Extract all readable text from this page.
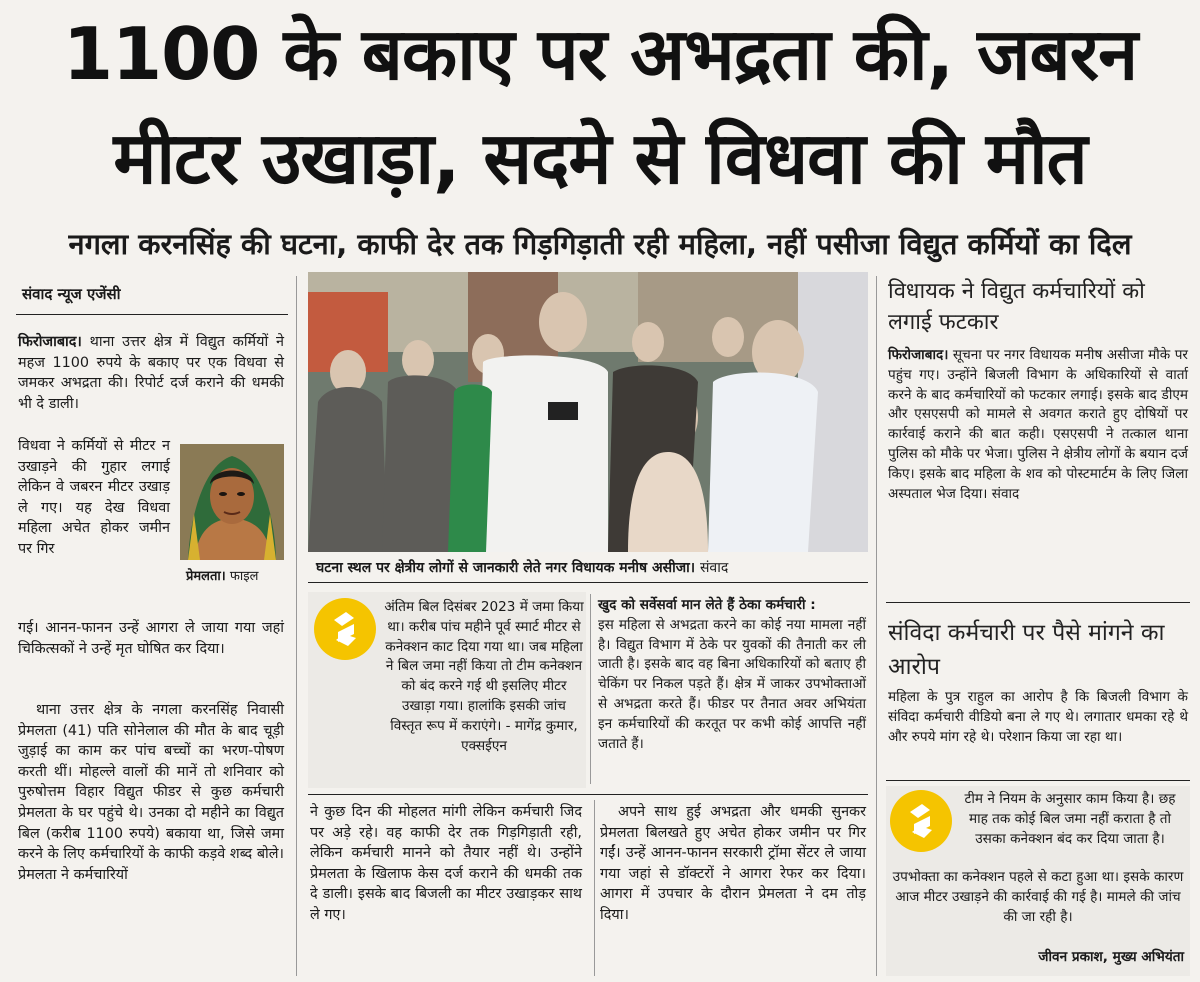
1100 के बकाए पर अभद्रता की, जबरन
मीटर उखाड़ा, सदमे से विधवा की मौत
नगला करनसिंह की घटना, काफी देर तक गिड़गिड़ाती रही महिला, नहीं पसीजा विद्युत कर्मियों का दिल
संवाद न्यूज एजेंसी

फिरोजाबाद। थाना उत्तर क्षेत्र में विद्युत कर्मियों ने महज 1100 रुपये के बकाए पर एक विधवा से जमकर अभद्रता की। रिपोर्ट दर्ज कराने की धमकी भी दे डाली।

विधवा ने कर्मियों से मीटर न उखाड़ने की गुहार लगाई लेकिन वे जबरन मीटर उखाड़ ले गए। यह देख विधवा महिला अचेत होकर जमीन पर गिर
गई। आनन-फानन उन्हें आगरा ले जाया गया जहां चिकित्सकों ने उन्हें मृत घोषित कर दिया।
थाना उत्तर क्षेत्र के नगला करनसिंह निवासी प्रेमलता (41) पति सोनेलाल की मौत के बाद चूड़ी जुड़ाई का काम कर पांच बच्चों का भरण-पोषण करती थीं। मोहल्ले वालों की मानें तो शनिवार को पुरुषोत्तम विहार विद्युत फीडर से कुछ कर्मचारी प्रेमलता के घर पहुंचे थे। उनका दो महीने का विद्युत बिल (करीब 1100 रुपये) बकाया था, जिसे जमा करने के लिए कर्मचारियों के काफी कड़वे शब्द बोले। प्रेमलता ने कर्मचारियों
प्रेमलता। फाइल
घटना स्थल पर क्षेत्रीय लोगों से जानकारी लेते नगर विधायक मनीष असीजा। संवाद
अंतिम बिल दिसंबर 2023 में जमा किया था। करीब पांच महीने पूर्व स्मार्ट मीटर से कनेक्शन काट दिया गया था। जब महिला ने बिल जमा नहीं किया तो टीम कनेक्शन को बंद करने गई थी इसलिए मीटर उखाड़ा गया। हालांकि इसकी जांच विस्तृत रूप में कराएंगे। - मागेंद्र कुमार, एक्सईएन
खुद को सर्वेसर्वा मान लेते हैं ठेका कर्मचारी :
इस महिला से अभद्रता करने का कोई नया मामला नहीं है। विद्युत विभाग में ठेके पर युवकों की तैनाती कर ली जाती है। इसके बाद वह बिना अधिकारियों को बताए ही चेकिंग पर निकल पड़ते हैं। क्षेत्र में जाकर उपभोक्ताओं से अभद्रता करते हैं। फीडर पर तैनात अवर अभियंता इन कर्मचारियों की करतूत पर कभी कोई आपत्ति नहीं जताते हैं।
ने कुछ दिन की मोहलत मांगी लेकिन कर्मचारी जिद पर अड़े रहे। वह काफी देर तक गिड़गिड़ाती रही, लेकिन कर्मचारी मानने को तैयार नहीं थे। उन्होंने प्रेमलता के खिलाफ केस दर्ज कराने की धमकी तक दे डाली। इसके बाद बिजली का मीटर उखाड़कर साथ ले गए।
अपने साथ हुई अभद्रता और धमकी सुनकर प्रेमलता बिलखते हुए अचेत होकर जमीन पर गिर गईं। उन्हें आनन-फानन सरकारी ट्रॉमा सेंटर ले जाया गया जहां से डॉक्टरों ने आगरा रेफर कर दिया। आगरा में उपचार के दौरान प्रेमलता ने दम तोड़ दिया।
विधायक ने विद्युत कर्मचारियों को लगाई फटकार
फिरोजाबाद। सूचना पर नगर विधायक मनीष असीजा मौके पर पहुंच गए। उन्होंने बिजली विभाग के अधिकारियों से वार्ता करने के बाद कर्मचारियों को फटकार लगाई। इसके बाद डीएम और एसएसपी को मामले से अवगत कराते हुए दोषियों पर कार्रवाई कराने की बात कही। एसएसपी ने तत्काल थाना पुलिस को मौके पर भेजा। पुलिस ने क्षेत्रीय लोगों के बयान दर्ज किए। इसके बाद महिला के शव को पोस्टमार्टम के लिए जिला अस्पताल भेज दिया। संवाद
संविदा कर्मचारी पर पैसे मांगने का आरोप
महिला के पुत्र राहुल का आरोप है कि बिजली विभाग के संविदा कर्मचारी वीडियो बना ले गए थे। लगातार धमका रहे थे और रुपये मांग रहे थे। परेशान किया जा रहा था।
टीम ने नियम के अनुसार काम किया है। छह माह तक कोई बिल जमा नहीं कराता है तो उसका कनेक्शन बंद कर दिया जाता है।
उपभोक्ता का कनेक्शन पहले से कटा हुआ था। इसके कारण आज मीटर उखाड़ने की कार्रवाई की गई है। मामले की जांच की जा रही है।
जीवन प्रकाश, मुख्य अभियंता
